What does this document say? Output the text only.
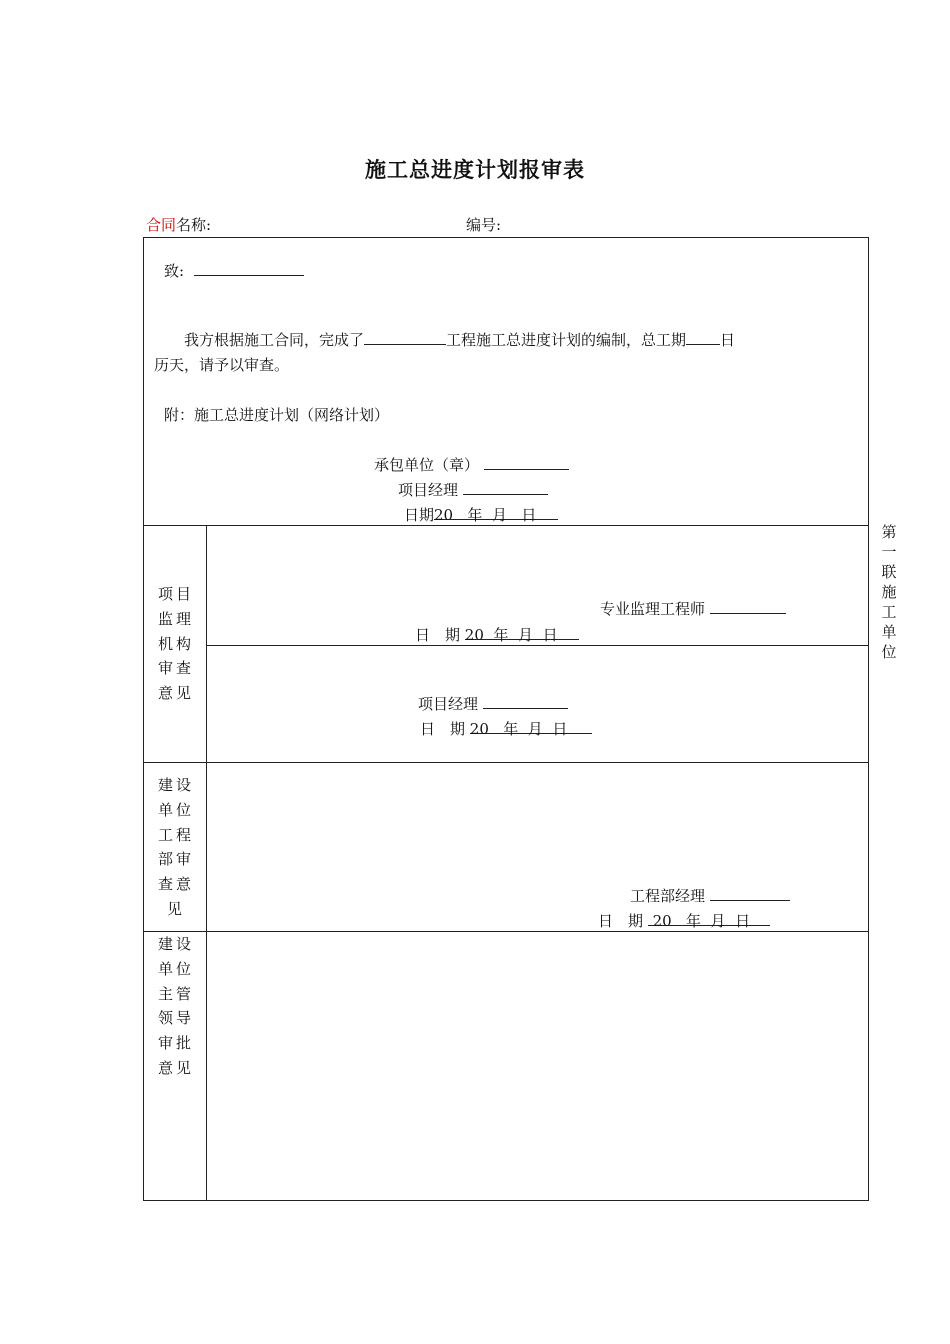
施工总进度计划报审表
合同名称:	编号:
致:
我方根据施工合同，完成了	工程施工总进度计划的编制，总工期 日
历天，请予以审查。
附：施工总进度计划（网络计划）
承包单位（章）
项目经理
日期20 年 月 日
项目
监理
机构
审查
意见
专业监理工程师
日　期 20 年 月 日
项目经理
日　期 20 年 月 日
建设
单位
工程
部审
查意
见
工程部经理
日　期 20 年 月 日
建设
单位
主管
领导
审批
意见
第
一
联
施
工
单
位
